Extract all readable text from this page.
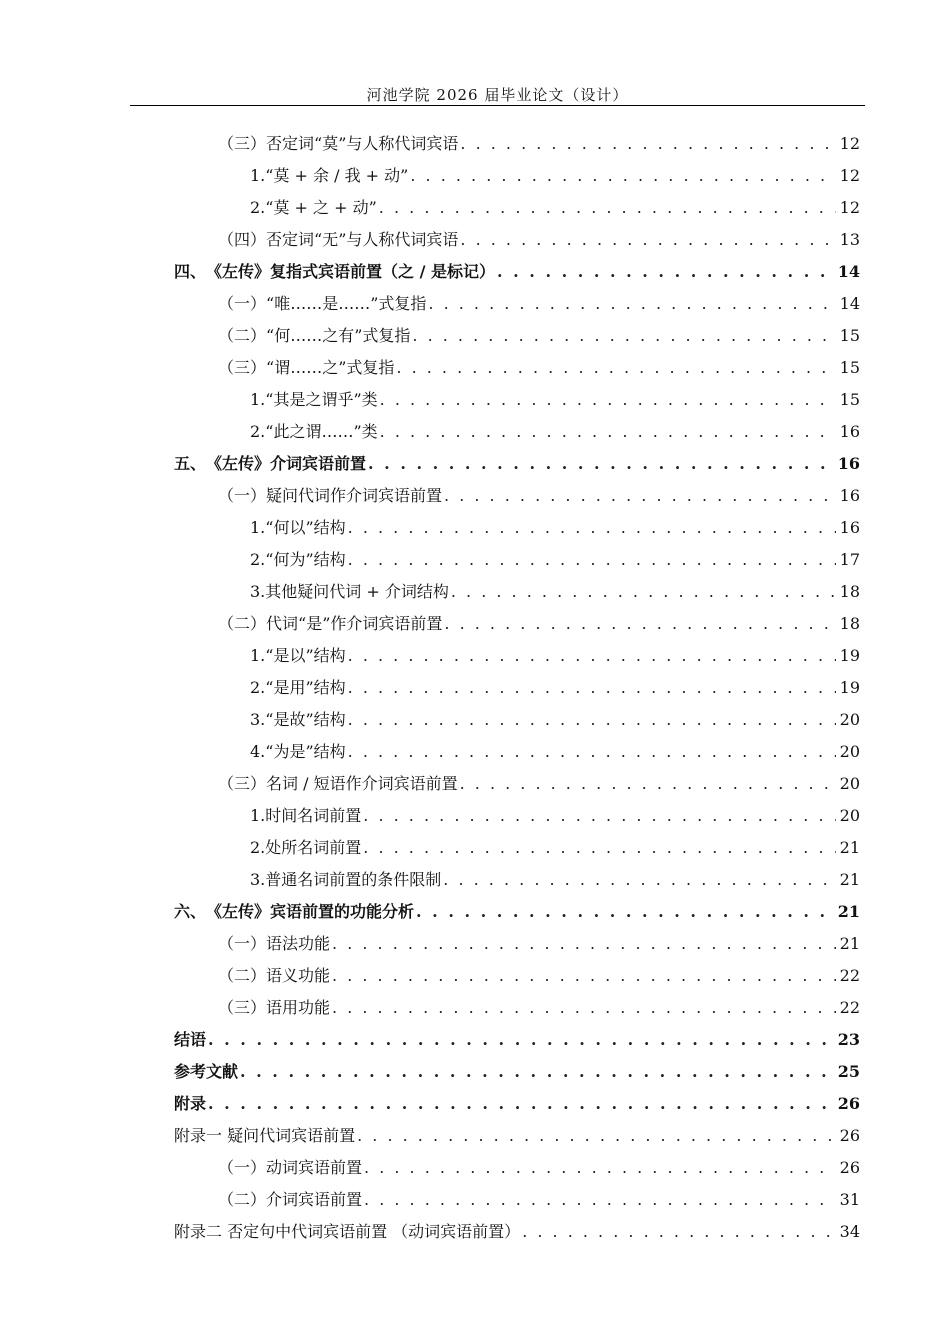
河池学院 2026 届毕业论文（设计）
（三） 否定词“莫”与人称代词宾语 . . .	12
1. “莫 + 余 / 我 + 动” . . .	12
2. “莫 + 之 + 动” . . .	12
（四） 否定词“无”与人称代词宾语 . . .	13
四、 《左传》复指式宾语前置（之 / 是标记） . . .	14
（一） “唯……是……”式复指 . . .	14
（二） “何……之有”式复指 . . .	15
（三） “谓……之”式复指 . . .	15
1. “其是之谓乎”类 . . .	15
2. “此之谓……”类 . . .	16
五、 《左传》介词宾语前置 . . .	16
（一） 疑问代词作介词宾语前置 . . .	16
1. “何以”结构 . . .	16
2. “何为”结构 . . .	17
3. 其他疑问代词 + 介词结构 . . .	18
（二） 代词“是”作介词宾语前置 . . .	18
1. “是以”结构 . . .	19
2. “是用”结构 . . .	19
3. “是故”结构 . . .	20
4. “为是”结构 . . .	20
（三） 名词 / 短语作介词宾语前置 . . .	20
1. 时间名词前置 . . .	20
2. 处所名词前置 . . .	21
3. 普通名词前置的条件限制 . . .	21
六、 《左传》宾语前置的功能分析 . . .	21
（一） 语法功能 . . .	21
（二） 语义功能 . . .	22
（三） 语用功能 . . .	22
结语 . . .	23
参考文献 . . .	25
附录 . . .	26
附录一 疑问代词宾语前置 . . .	26
（一） 动词宾语前置 . . .	26
（二） 介词宾语前置 . . .	31
附录二 否定句中代词宾语前置 （动词宾语前置） . . .	34
